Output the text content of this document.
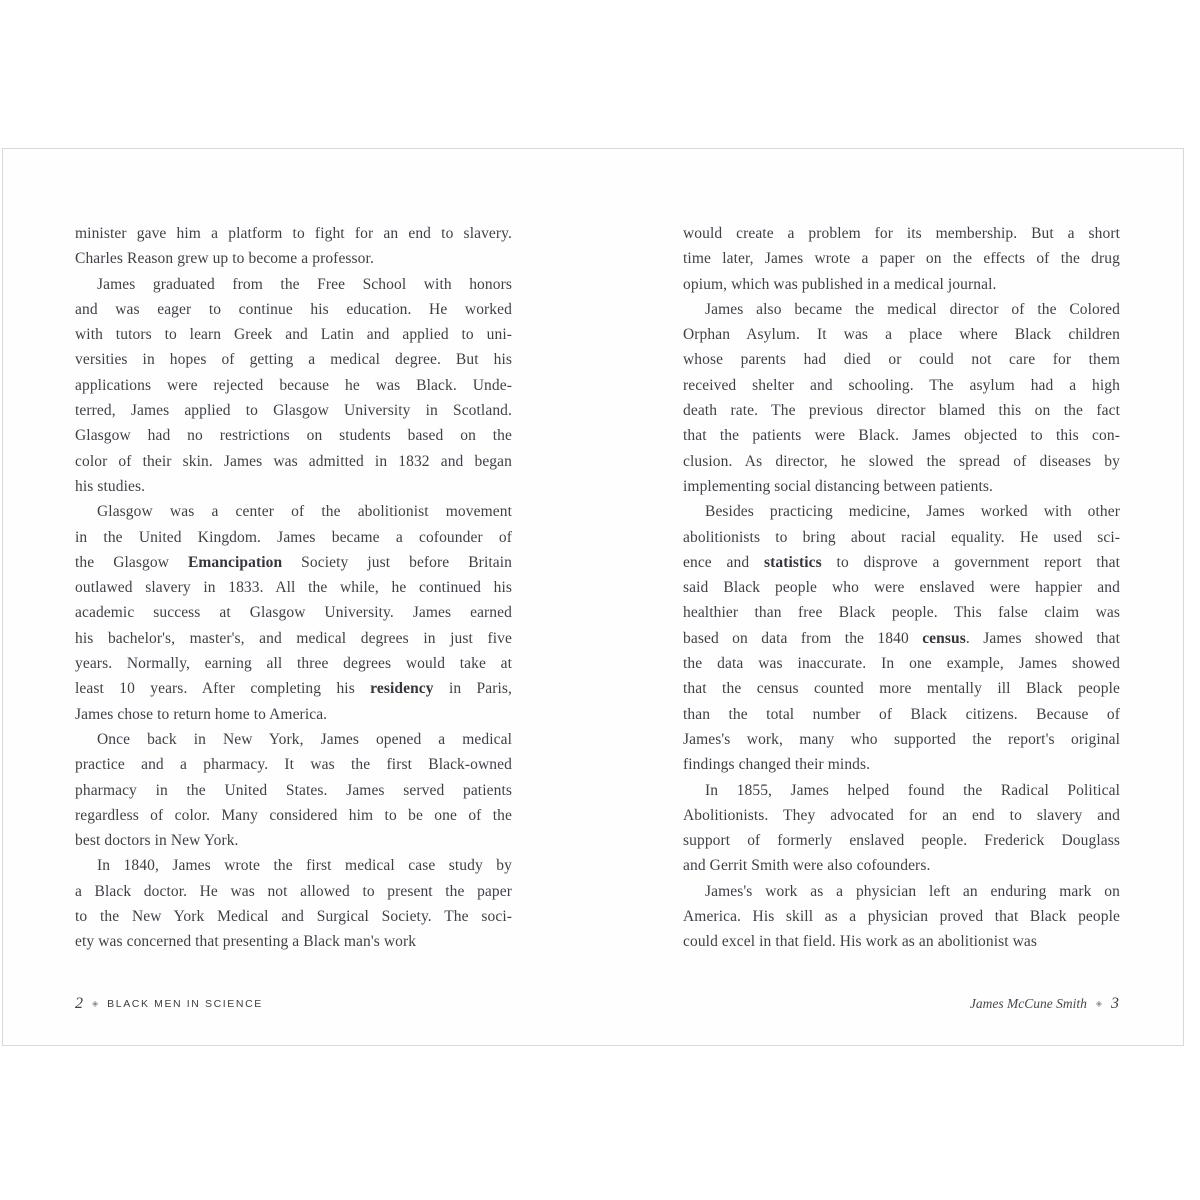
minister gave him a platform to fight for an end to slavery.
Charles Reason grew up to become a professor.
James graduated from the Free School with honors
and was eager to continue his education. He worked
with tutors to learn Greek and Latin and applied to uni-
versities in hopes of getting a medical degree. But his
applications were rejected because he was Black. Unde-
terred, James applied to Glasgow University in Scotland.
Glasgow had no restrictions on students based on the
color of their skin. James was admitted in 1832 and began
his studies.
Glasgow was a center of the abolitionist movement
in the United Kingdom. James became a cofounder of
the Glasgow Emancipation Society just before Britain
outlawed slavery in 1833. All the while, he continued his
academic success at Glasgow University. James earned
his bachelor's, master's, and medical degrees in just five
years. Normally, earning all three degrees would take at
least 10 years. After completing his residency in Paris,
James chose to return home to America.
Once back in New York, James opened a medical
practice and a pharmacy. It was the first Black-owned
pharmacy in the United States. James served patients
regardless of color. Many considered him to be one of the
best doctors in New York.
In 1840, James wrote the first medical case study by
a Black doctor. He was not allowed to present the paper
to the New York Medical and Surgical Society. The soci-
ety was concerned that presenting a Black man's work
would create a problem for its membership. But a short
time later, James wrote a paper on the effects of the drug
opium, which was published in a medical journal.
James also became the medical director of the Colored
Orphan Asylum. It was a place where Black children
whose parents had died or could not care for them
received shelter and schooling. The asylum had a high
death rate. The previous director blamed this on the fact
that the patients were Black. James objected to this con-
clusion. As director, he slowed the spread of diseases by
implementing social distancing between patients.
Besides practicing medicine, James worked with other
abolitionists to bring about racial equality. He used sci-
ence and statistics to disprove a government report that
said Black people who were enslaved were happier and
healthier than free Black people. This false claim was
based on data from the 1840 census. James showed that
the data was inaccurate. In one example, James showed
that the census counted more mentally ill Black people
than the total number of Black citizens. Because of
James's work, many who supported the report's original
findings changed their minds.
In 1855, James helped found the Radical Political
Abolitionists. They advocated for an end to slavery and
support of formerly enslaved people. Frederick Douglass
and Gerrit Smith were also cofounders.
James's work as a physician left an enduring mark on
America. His skill as a physician proved that Black people
could excel in that field. His work as an abolitionist was
2 ◈ BLACK MEN IN SCIENCE	James McCune Smith ◈ 3
